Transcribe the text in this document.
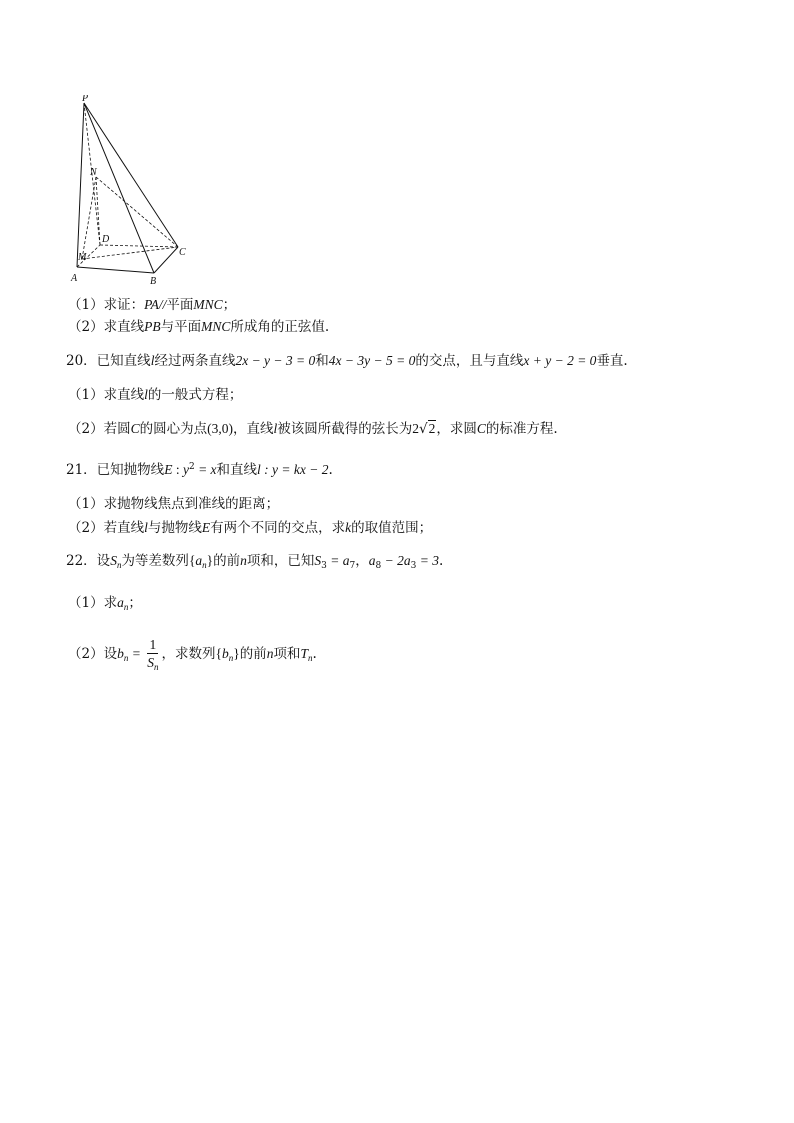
P
N
D
M
A	B
C
（1）求证：PA//平面MNC；
（2）求直线PB与平面MNC所成角的正弦值.
20．已知直线l经过两条直线2x − y − 3 = 0和4x − 3y − 5 = 0的交点，且与直线x + y − 2 = 0垂直.
（1）求直线l的一般式方程；
（2）若圆C的圆心为点(3,0)，直线l被该圆所截得的弦长为2√2，求圆C的标准方程.
21．已知抛物线E : $y^2 = x$和直线l : y = kx − 2.
（1）求抛物线焦点到准线的距离；
（2）若直线l与抛物线E有两个不同的交点，求k的取值范围；
22．设$S_n$为等差数列$\{a_n\}$的前n项和，已知$S_3 = a_7$，$a_8 - 2a_3 = 3$.
（1）求$a_n$；
（2）设$b_n = \frac{1}{S_n}$ ，求数列$\{b_n\}$的前n项和$T_n$.
